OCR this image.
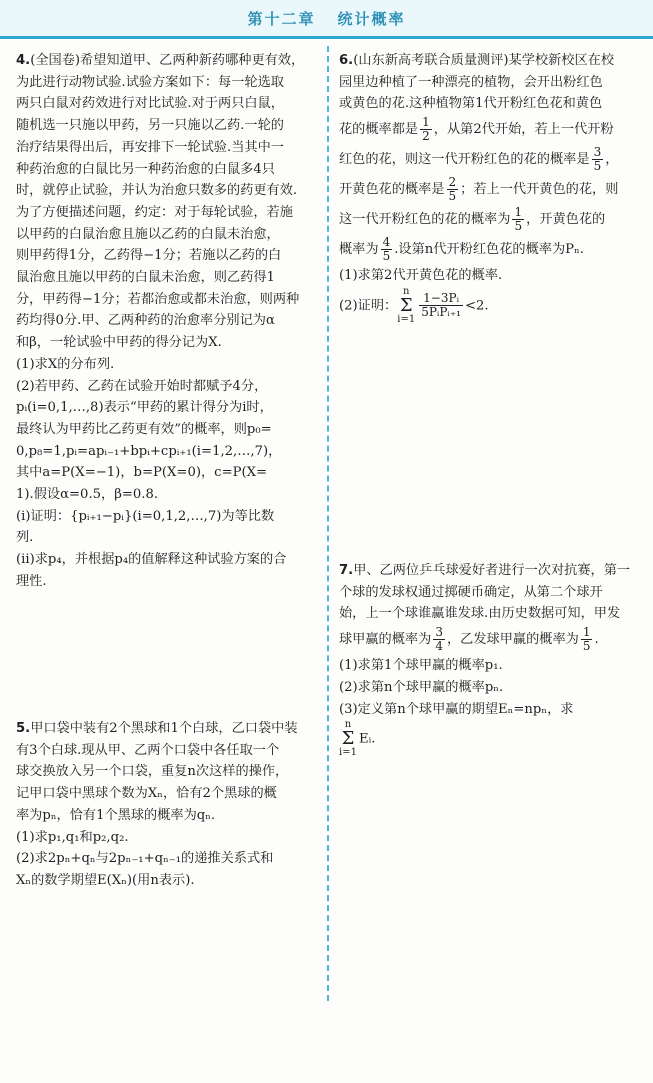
第十二章 统计概率

4.(全国卷)希望知道甲、乙两种新药哪种更有效，

为此进行动物试验.试验方案如下：每一轮选取

两只白鼠对药效进行对比试验.对于两只白鼠，

随机选一只施以甲药，另一只施以乙药.一轮的

治疗结果得出后，再安排下一轮试验.当其中一

种药治愈的白鼠比另一种药治愈的白鼠多4只

时，就停止试验，并认为治愈只数多的药更有效.

为了方便描述问题，约定：对于每轮试验，若施

以甲药的白鼠治愈且施以乙药的白鼠未治愈，

则甲药得1分，乙药得−1分；若施以乙药的白

鼠治愈且施以甲药的白鼠未治愈，则乙药得1

分，甲药得−1分；若都治愈或都未治愈，则两种

药均得0分.甲、乙两种药的治愈率分别记为α

和β，一轮试验中甲药的得分记为X.

(1)求X的分布列.

(2)若甲药、乙药在试验开始时都赋予4分，

pᵢ(i=0,1,…,8)表示“甲药的累计得分为i时，

最终认为甲药比乙药更有效”的概率，则p₀=

0,p₈=1,pᵢ=apᵢ₋₁+bpᵢ+cpᵢ₊₁(i=1,2,…,7)，

其中a=P(X=−1)，b=P(X=0)，c=P(X=

1).假设α=0.5，β=0.8.

(i)证明：{pᵢ₊₁−pᵢ}(i=0,1,2,…,7)为等比数

列.

(ii)求p₄，并根据p₄的值解释这种试验方案的合

理性.

5.甲口袋中装有2个黑球和1个白球，乙口袋中装

有3个白球.现从甲、乙两个口袋中各任取一个

球交换放入另一个口袋，重复n次这样的操作，

记甲口袋中黑球个数为Xₙ，恰有2个黑球的概

率为pₙ，恰有1个黑球的概率为qₙ.

(1)求p₁,q₁和p₂,q₂.

(2)求2pₙ+qₙ与2pₙ₋₁+qₙ₋₁的递推关系式和

Xₙ的数学期望E(Xₙ)(用n表示).

6.(山东新高考联合质量测评)某学校新校区在校

园里边种植了一种漂亮的植物，会开出粉红色

或黄色的花.这种植物第1代开粉红色花和黄色

花的概率都是 $\frac{1}{2}$ ，从第2代开始，若上一代开粉

红色的花，则这一代开粉红色的花的概率是 $\frac{3}{5}$ ，

开黄色花的概率是 $\frac{2}{5}$ ；若上一代开黄色的花，则

这一代开粉红色的花的概率为 $\frac{1}{5}$ ，开黄色花的

概率为 $\frac{4}{5}$ .设第n代开粉红色花的概率为Pₙ.

(1)求第2代开黄色花的概率.

(2)证明：n
Σ
$i=1 \frac{\text{1−3Pᵢ}}{\text{5PᵢPᵢ₊₁}} <2$.

7.甲、乙两位乒乓球爱好者进行一次对抗赛，第一

个球的发球权通过掷硬币确定，从第二个球开

始，上一个球谁赢谁发球.由历史数据可知，甲发

球甲赢的概率为 $\frac{3}{4}$ ，乙发球甲赢的概率为 $\frac{1}{5}$ .

(1)求第1个球甲赢的概率p₁.

(2)求第n个球甲赢的概率pₙ.

(3)定义第n个球甲赢的期望Eₙ=npₙ，求

n
Σ
i=1Eᵢ.
